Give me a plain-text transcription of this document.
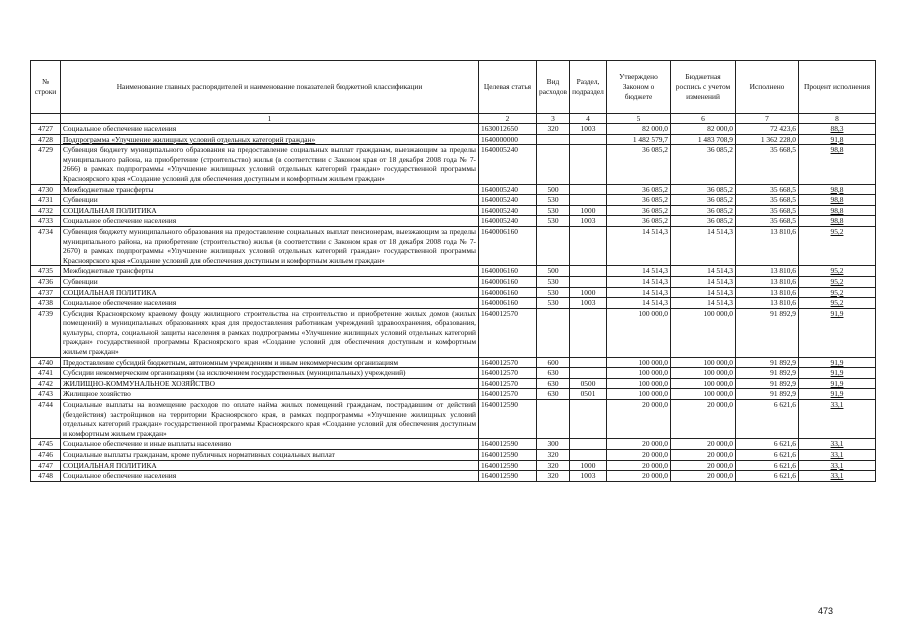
№ строки	Наименование главных распорядителей и наименование показателей бюджетной классификации	Целевая статья	Вид расходов	Раздел, подраздел	Утверждено Законом о бюджете	Бюджетная роспись с учетом изменений	Исполнено	Процент исполнения
	1	2	3	4	5	6	7	8
4727	Социальное обеспечение населения	1630012650	320	1003	82 000,0	82 000,0	72 423,6	88,3
4728	Подпрограмма «Улучшение жилищных условий отдельных категорий граждан»	1640000000			1 482 579,7	1 483 708,9	1 362 228,0	91,8
4729	Субвенция бюджету муниципального образования на предоставление социальных выплат гражданам, выезжающим за пределы муниципального района, на приобретение (строительство) жилья (в соответствии с Законом края от 18 декабря 2008 года № 7-2666) в рамках подпрограммы «Улучшение жилищных условий отдельных категорий граждан» государственной программы Красноярского края «Создание условий для обеспечения доступным и комфортным жильем граждан»	1640005240			36 085,2	36 085,2	35 668,5	98,8
4730	Межбюджетные трансферты	1640005240	500		36 085,2	36 085,2	35 668,5	98,8
4731	Субвенции	1640005240	530		36 085,2	36 085,2	35 668,5	98,8
4732	СОЦИАЛЬНАЯ ПОЛИТИКА	1640005240	530	1000	36 085,2	36 085,2	35 668,5	98,8
4733	Социальное обеспечение населения	1640005240	530	1003	36 085,2	36 085,2	35 668,5	98,8
4734	Субвенция бюджету муниципального образования на предоставление социальных выплат пенсионерам, выезжающим за пределы муниципального района, на приобретение (строительство) жилья (в соответствии с Законом края от 18 декабря 2008 года № 7-2670) в рамках подпрограммы «Улучшение жилищных условий отдельных категорий граждан» государственной программы Красноярского края «Создание условий для обеспечения доступным и комфортным жильем граждан»	1640006160			14 514,3	14 514,3	13 810,6	95,2
4735	Межбюджетные трансферты	1640006160	500		14 514,3	14 514,3	13 810,6	95,2
4736	Субвенции	1640006160	530		14 514,3	14 514,3	13 810,6	95,2
4737	СОЦИАЛЬНАЯ ПОЛИТИКА	1640006160	530	1000	14 514,3	14 514,3	13 810,6	95,2
4738	Социальное обеспечение населения	1640006160	530	1003	14 514,3	14 514,3	13 810,6	95,2
4739	Субсидия Красноярскому краевому фонду жилищного строительства на строительство и приобретение жилых домов (жилых помещений) в муниципальных образованиях края для предоставления работникам учреждений здравоохранения, образования, культуры, спорта, социальной защиты населения в рамках подпрограммы «Улучшение жилищных условий отдельных категорий граждан» государственной программы Красноярского края «Создание условий для обеспечения доступным и комфортным жильем граждан»	1640012570			100 000,0	100 000,0	91 892,9	91,9
4740	Предоставление субсидий бюджетным, автономным учреждениям и иным некоммерческим организациям	1640012570	600		100 000,0	100 000,0	91 892,9	91,9
4741	Субсидии некоммерческим организациям (за исключением государственных (муниципальных) учреждений)	1640012570	630		100 000,0	100 000,0	91 892,9	91,9
4742	ЖИЛИЩНО-КОММУНАЛЬНОЕ ХОЗЯЙСТВО	1640012570	630	0500	100 000,0	100 000,0	91 892,9	91,9
4743	Жилищное хозяйство	1640012570	630	0501	100 000,0	100 000,0	91 892,9	91,9
4744	Социальные выплаты на возмещение расходов по оплате найма жилых помещений гражданам, пострадавшим от действий (бездействия) застройщиков на территории Красноярского края, в рамках подпрограммы «Улучшение жилищных условий отдельных категорий граждан» государственной программы Красноярского края «Создание условий для обеспечения доступным и комфортным жильем граждан»	1640012590			20 000,0	20 000,0	6 621,6	33,1
4745	Социальное обеспечение и иные выплаты населению	1640012590	300		20 000,0	20 000,0	6 621,6	33,1
4746	Социальные выплаты гражданам, кроме публичных нормативных социальных выплат	1640012590	320		20 000,0	20 000,0	6 621,6	33,1
4747	СОЦИАЛЬНАЯ ПОЛИТИКА	1640012590	320	1000	20 000,0	20 000,0	6 621,6	33,1
4748	Социальное обеспечение населения	1640012590	320	1003	20 000,0	20 000,0	6 621,6	33,1
473
